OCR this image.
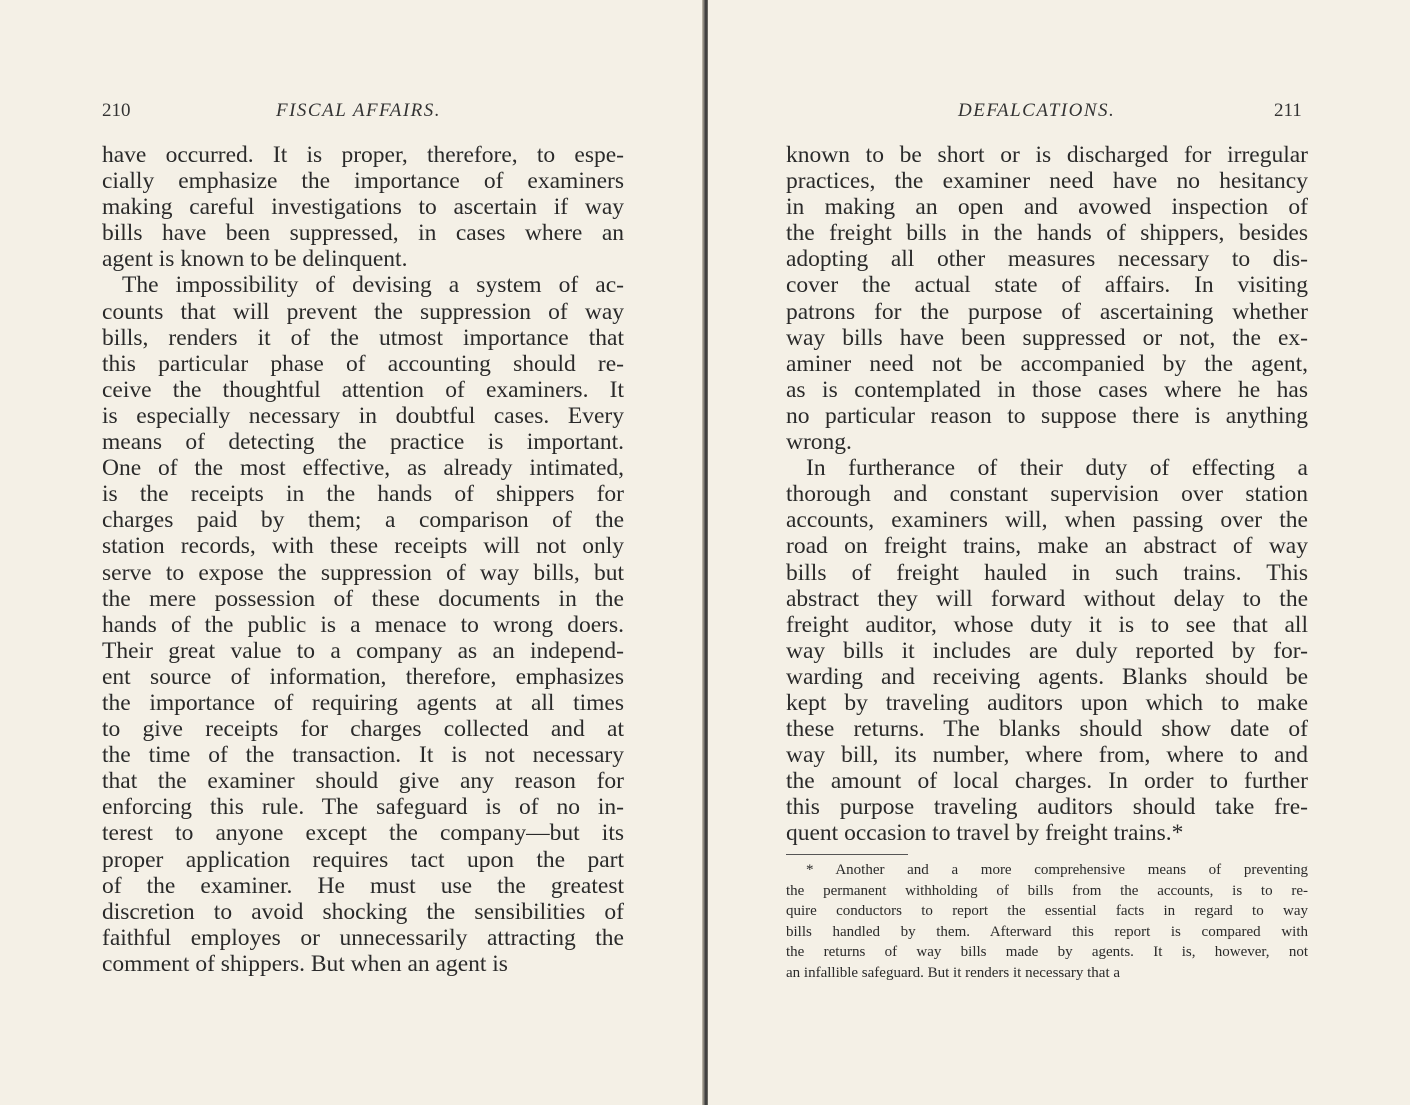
210	FISCAL AFFAIRS.
have occurred. It is proper, therefore, to espe-
cially emphasize the importance of examiners
making careful investigations to ascertain if way
bills have been suppressed, in cases where an
agent is known to be delinquent.
The impossibility of devising a system of ac-
counts that will prevent the suppression of way
bills, renders it of the utmost importance that
this particular phase of accounting should re-
ceive the thoughtful attention of examiners. It
is especially necessary in doubtful cases. Every
means of detecting the practice is important.
One of the most effective, as already intimated,
is the receipts in the hands of shippers for
charges paid by them; a comparison of the
station records, with these receipts will not only
serve to expose the suppression of way bills, but
the mere possession of these documents in the
hands of the public is a menace to wrong doers.
Their great value to a company as an independ-
ent source of information, therefore, emphasizes
the importance of requiring agents at all times
to give receipts for charges collected and at
the time of the transaction. It is not necessary
that the examiner should give any reason for
enforcing this rule. The safeguard is of no in-
terest to anyone except the company—but its
proper application requires tact upon the part
of the examiner. He must use the greatest
discretion to avoid shocking the sensibilities of
faithful employes or unnecessarily attracting the
comment of shippers. But when an agent is
DEFALCATIONS.	211
known to be short or is discharged for irregular
practices, the examiner need have no hesitancy
in making an open and avowed inspection of
the freight bills in the hands of shippers, besides
adopting all other measures necessary to dis-
cover the actual state of affairs. In visiting
patrons for the purpose of ascertaining whether
way bills have been suppressed or not, the ex-
aminer need not be accompanied by the agent,
as is contemplated in those cases where he has
no particular reason to suppose there is anything
wrong.
In furtherance of their duty of effecting a
thorough and constant supervision over station
accounts, examiners will, when passing over the
road on freight trains, make an abstract of way
bills of freight hauled in such trains. This
abstract they will forward without delay to the
freight auditor, whose duty it is to see that all
way bills it includes are duly reported by for-
warding and receiving agents. Blanks should be
kept by traveling auditors upon which to make
these returns. The blanks should show date of
way bill, its number, where from, where to and
the amount of local charges. In order to further
this purpose traveling auditors should take fre-
quent occasion to travel by freight trains.*
* Another and a more comprehensive means of preventing
the permanent withholding of bills from the accounts, is to re-
quire conductors to report the essential facts in regard to way
bills handled by them. Afterward this report is compared with
the returns of way bills made by agents. It is, however, not
an infallible safeguard. But it renders it necessary that a
